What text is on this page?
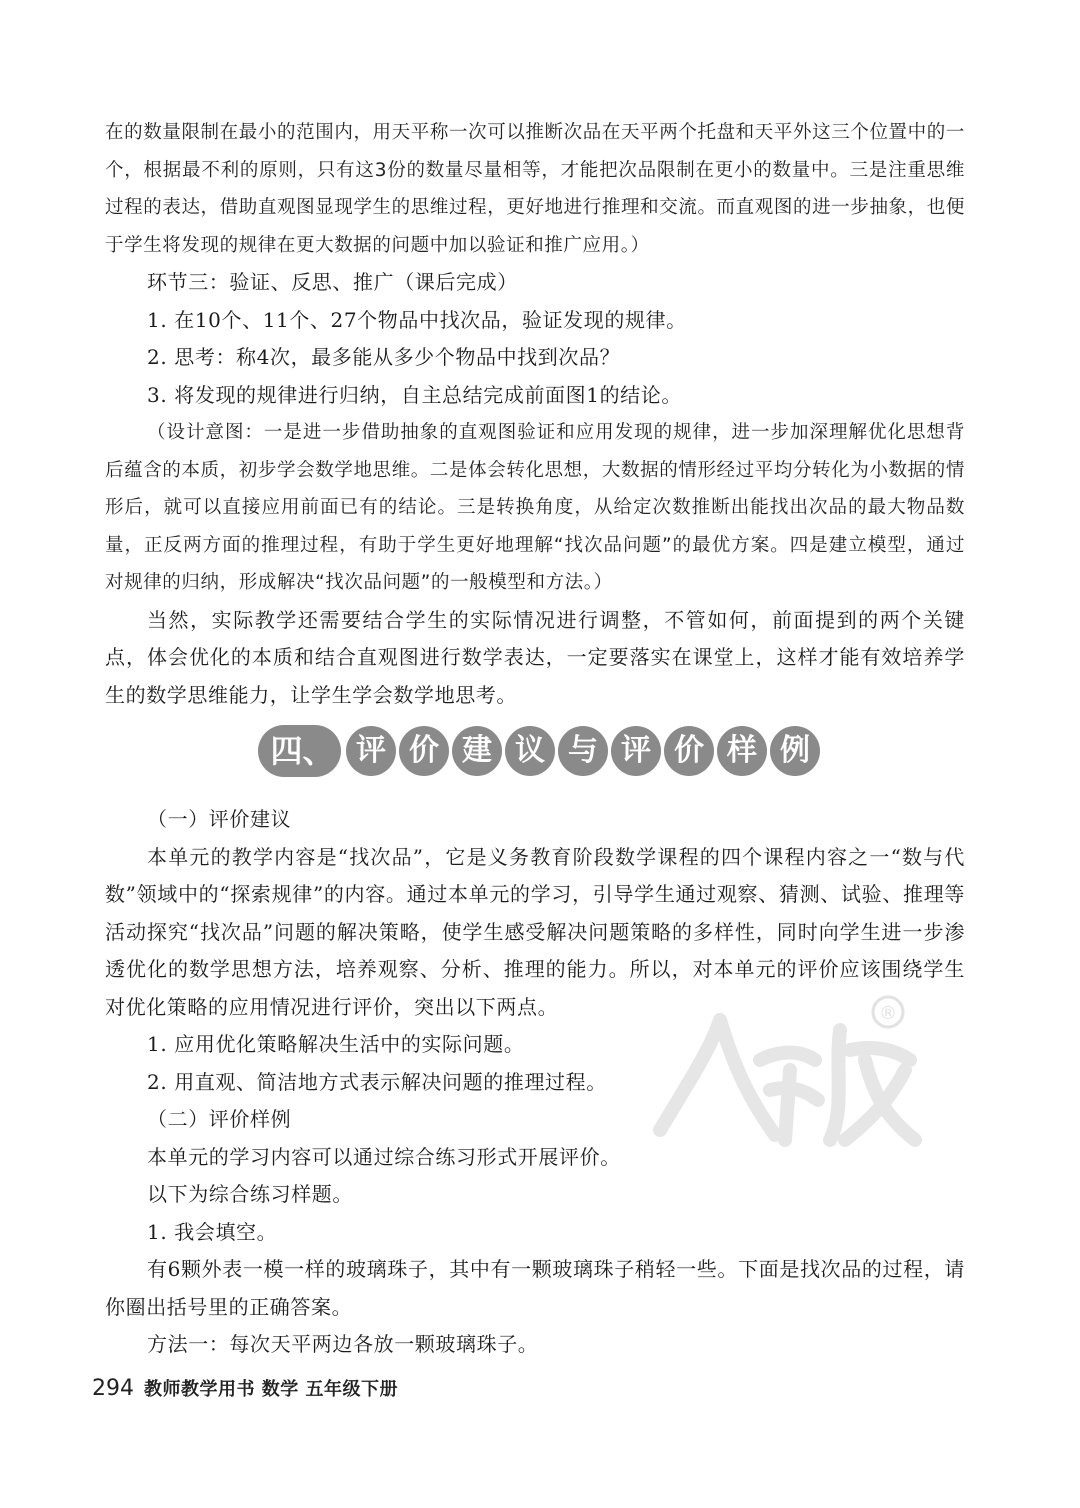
在的数量限制在最小的范围内，用天平称一次可以推断次品在天平两个托盘和天平外这三个位置中的一个，根据最不利的原则，只有这3份的数量尽量相等，才能把次品限制在更小的数量中。三是注重思维过程的表达，借助直观图显现学生的思维过程，更好地进行推理和交流。而直观图的进一步抽象，也便于学生将发现的规律在更大数据的问题中加以验证和推广应用。）

环节三：验证、反思、推广（课后完成）

1. 在10个、11个、27个物品中找次品，验证发现的规律。

2. 思考：称4次，最多能从多少个物品中找到次品？

3. 将发现的规律进行归纳，自主总结完成前面图1的结论。

（设计意图：一是进一步借助抽象的直观图验证和应用发现的规律，进一步加深理解优化思想背后蕴含的本质，初步学会数学地思维。二是体会转化思想，大数据的情形经过平均分转化为小数据的情形后，就可以直接应用前面已有的结论。三是转换角度，从给定次数推断出能找出次品的最大物品数量，正反两方面的推理过程，有助于学生更好地理解“找次品问题”的最优方案。四是建立模型，通过对规律的归纳，形成解决“找次品问题”的一般模型和方法。）

当然，实际教学还需要结合学生的实际情况进行调整，不管如何，前面提到的两个关键点，体会优化的本质和结合直观图进行数学表达，一定要落实在课堂上，这样才能有效培养学生的数学思维能力，让学生学会数学地思考。

四、 评 价 建 议 与 评 价 样 例
®

（一）评价建议

本单元的教学内容是“找次品”，它是义务教育阶段数学课程的四个课程内容之一“数与代数”领域中的“探索规律”的内容。通过本单元的学习，引导学生通过观察、猜测、试验、推理等活动探究“找次品”问题的解决策略，使学生感受解决问题策略的多样性，同时向学生进一步渗透优化的数学思想方法，培养观察、分析、推理的能力。所以，对本单元的评价应该围绕学生对优化策略的应用情况进行评价，突出以下两点。

1. 应用优化策略解决生活中的实际问题。

2. 用直观、简洁地方式表示解决问题的推理过程。

（二）评价样例

本单元的学习内容可以通过综合练习形式开展评价。

以下为综合练习样题。

1. 我会填空。

有6颗外表一模一样的玻璃珠子，其中有一颗玻璃珠子稍轻一些。下面是找次品的过程，请你圈出括号里的正确答案。

方法一：每次天平两边各放一颗玻璃珠子。

294 教师教学用书 数学 五年级下册
